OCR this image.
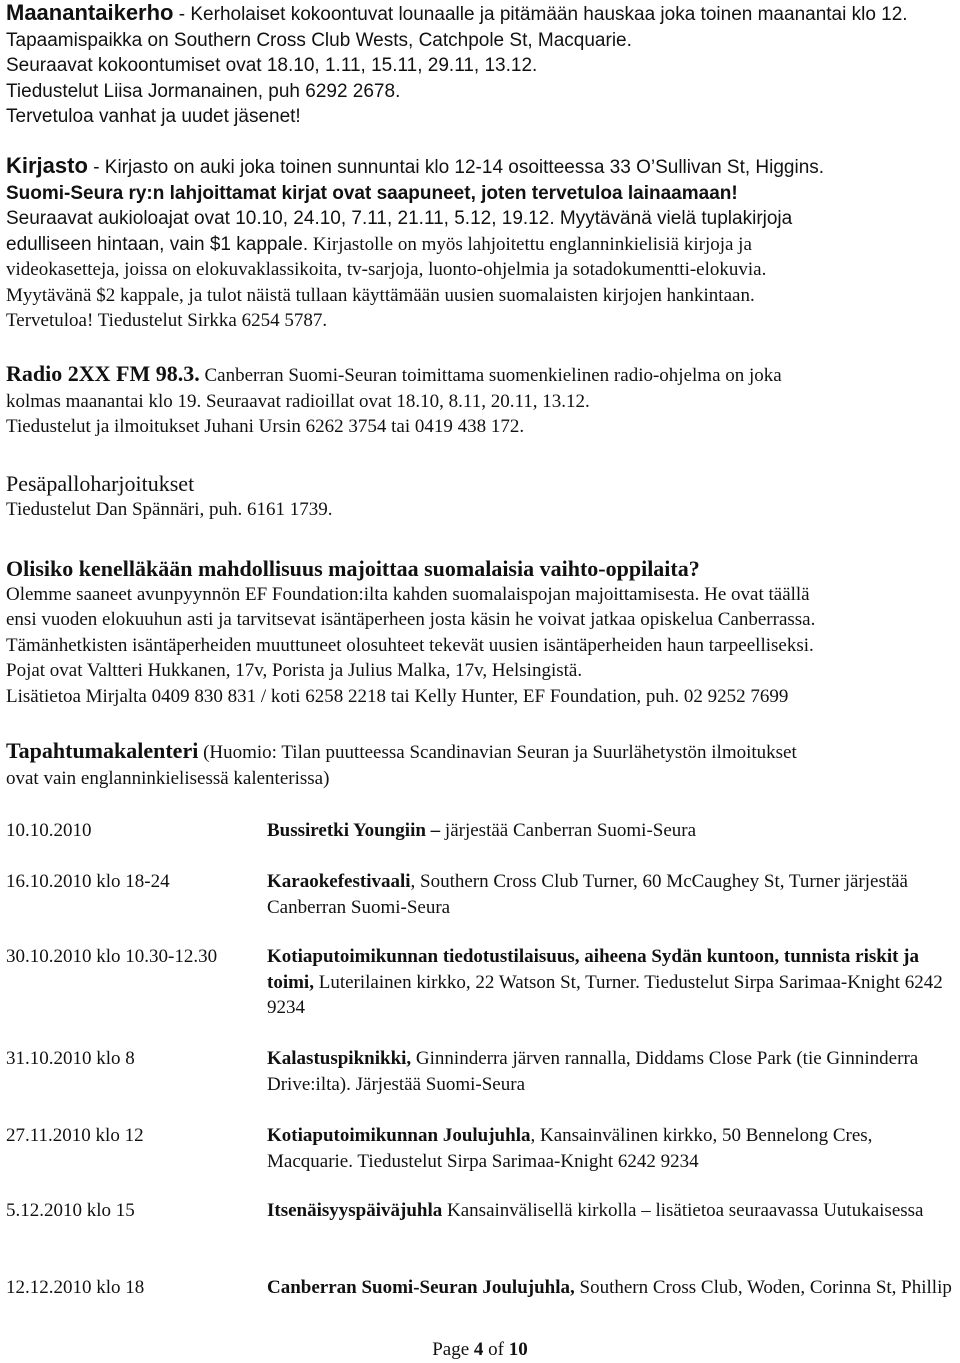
Maanantaikerho - Kerholaiset kokoontuvat lounaalle ja pitämään hauskaa joka toinen maanantai klo 12.
Tapaamispaikka on Southern Cross Club Wests, Catchpole St, Macquarie.
Seuraavat kokoontumiset ovat 18.10, 1.11, 15.11, 29.11, 13.12.
Tiedustelut Liisa Jormanainen, puh 6292 2678.
Tervetuloa vanhat ja uudet jäsenet!
Kirjasto - Kirjasto on auki joka toinen sunnuntai klo 12-14 osoitteessa 33 O’Sullivan St, Higgins.
Suomi-Seura ry:n lahjoittamat kirjat ovat saapuneet, joten tervetuloa lainaamaan!
Seuraavat aukioloajat ovat 10.10, 24.10, 7.11, 21.11, 5.12, 19.12. Myytävänä vielä tuplakirjoja
edulliseen hintaan, vain $1 kappale. Kirjastolle on myös lahjoitettu englanninkielisiä kirjoja ja
videokasetteja, joissa on elokuvaklassikoita, tv-sarjoja, luonto-ohjelmia ja sotadokumentti-elokuvia.
Myytävänä $2 kappale, ja tulot näistä tullaan käyttämään uusien suomalaisten kirjojen hankintaan.
Tervetuloa! Tiedustelut Sirkka 6254 5787.
Radio 2XX FM 98.3. Canberran Suomi-Seuran toimittama suomenkielinen radio-ohjelma on joka
kolmas maanantai klo 19. Seuraavat radioillat ovat 18.10, 8.11, 20.11, 13.12.
Tiedustelut ja ilmoitukset Juhani Ursin 6262 3754 tai 0419 438 172.
Pesäpalloharjoitukset
Tiedustelut Dan Spännäri, puh. 6161 1739.
Olisiko kenelläkään mahdollisuus majoittaa suomalaisia vaihto-oppilaita?
Olemme saaneet avunpyynnön EF Foundation:ilta kahden suomalaispojan majoittamisesta. He ovat täällä
ensi vuoden elokuuhun asti ja tarvitsevat isäntäperheen josta käsin he voivat jatkaa opiskelua Canberrassa.
Tämänhetkisten isäntäperheiden muuttuneet olosuhteet tekevät uusien isäntäperheiden haun tarpeelliseksi.
Pojat ovat Valtteri Hukkanen, 17v, Porista ja Julius Malka, 17v, Helsingistä.
Lisätietoa Mirjalta 0409 830 831 / koti 6258 2218 tai Kelly Hunter, EF Foundation, puh. 02 9252 7699
Tapahtumakalenteri (Huomio: Tilan puutteessa Scandinavian Seuran ja Suurlähetystön ilmoitukset
ovat vain englanninkielisessä kalenterissa)
10.10.2010	Bussiretki Youngiin – järjestää Canberran Suomi-Seura
16.10.2010 klo 18-24	Karaokefestivaali, Southern Cross Club Turner, 60 McCaughey St, Turner järjestää Canberran Suomi-Seura
30.10.2010 klo 10.30-12.30	Kotiaputoimikunnan tiedotustilaisuus, aiheena Sydän kuntoon, tunnista riskit ja toimi, Luterilainen kirkko, 22 Watson St, Turner. Tiedustelut Sirpa Sarimaa-Knight 6242 9234
31.10.2010 klo 8	Kalastuspiknikki, Ginninderra järven rannalla, Diddams Close Park (tie Ginninderra Drive:ilta). Järjestää Suomi-Seura
27.11.2010 klo 12	Kotiaputoimikunnan Joulujuhla, Kansainvälinen kirkko, 50 Bennelong Cres, Macquarie. Tiedustelut Sirpa Sarimaa-Knight 6242 9234
5.12.2010 klo 15	Itsenäisyyspäiväjuhla Kansainvälisellä kirkolla – lisätietoa seuraavassa Uutukaisessa
12.12.2010 klo 18	Canberran Suomi-Seuran Joulujuhla, Southern Cross Club, Woden, Corinna St, Phillip
Page 4 of 10
